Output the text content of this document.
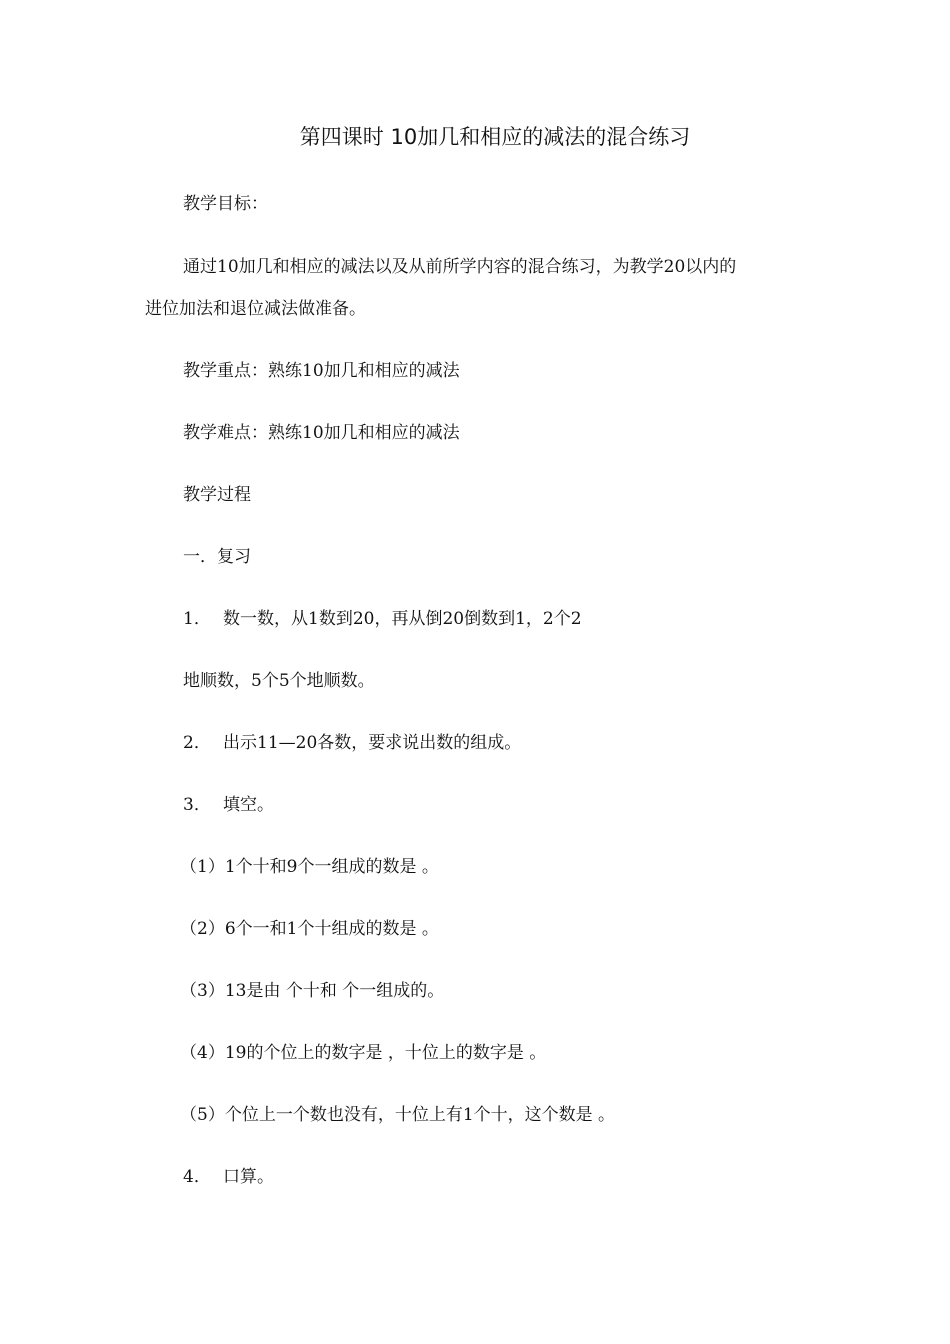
第四课时 10加几和相应的减法的混合练习
教学目标：
通过10加几和相应的减法以及从前所学内容的混合练习，为教学20以内的
进位加法和退位减法做准备。
教学重点：熟练10加几和相应的减法
教学难点：熟练10加几和相应的减法
教学过程
一．复习
1． 数一数，从1数到20，再从倒20倒数到1，2个2
地顺数，5个5个地顺数。
2． 出示11—20各数，要求说出数的组成。
3． 填空。
（1）1个十和9个一组成的数是 。
（2）6个一和1个十组成的数是 。
（3）13是由 个十和 个一组成的。
（4）19的个位上的数字是 ，十位上的数字是 。
（5）个位上一个数也没有，十位上有1个十，这个数是 。
4． 口算。
